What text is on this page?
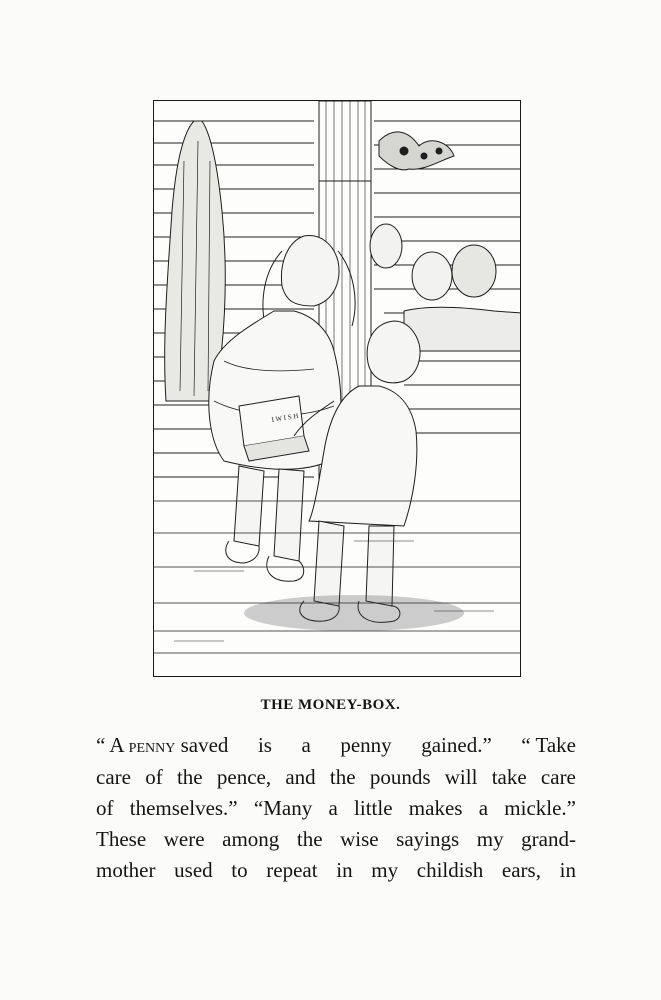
I W I S H
THE MONEY-BOX.
“ A penny saved is a penny gained.” “ Take
care of the pence, and the pounds will take care
of themselves.” “Many a little makes a mickle.”
These were among the wise sayings my grand-
mother used to repeat in my childish ears, in
